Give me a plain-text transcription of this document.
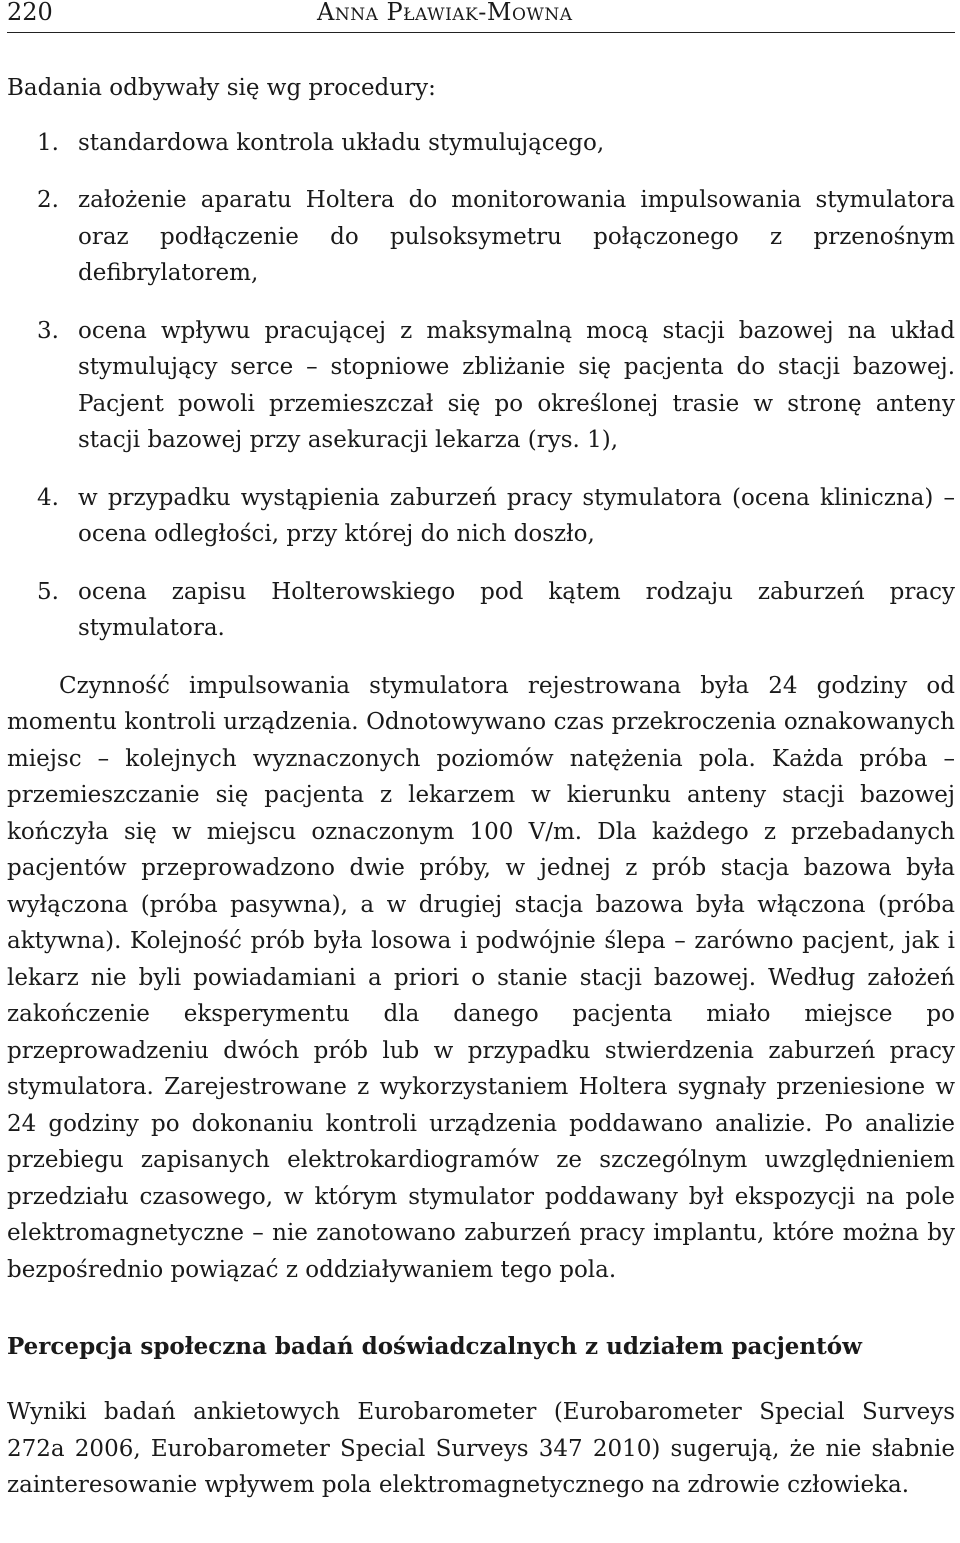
220	Anna Pławiak-Mowna

Badania odbywały się wg procedury:

1. standardowa kontrola układu stymulującego,
2. założenie aparatu Holtera do monitorowania impulsowania stymulatora oraz podłączenie do pulsoksymetru połączonego z przenośnym defibrylatorem,
3. ocena wpływu pracującej z maksymalną mocą stacji bazowej na układ stymulujący serce – stopniowe zbliżanie się pacjenta do stacji bazowej. Pacjent powoli przemieszczał się po określonej trasie w stronę anteny stacji bazowej przy asekuracji lekarza (rys. 1),
4. w przypadku wystąpienia zaburzeń pracy stymulatora (ocena kliniczna) – ocena odległości, przy której do nich doszło,
5. ocena zapisu Holterowskiego pod kątem rodzaju zaburzeń pracy stymulatora.

Czynność impulsowania stymulatora rejestrowana była 24 godziny od momentu kontroli urządzenia. Odnotowywano czas przekroczenia oznakowanych miejsc – kolejnych wyznaczonych poziomów natężenia pola. Każda próba – przemieszczanie się pacjenta z lekarzem w kierunku anteny stacji bazowej kończyła się w miejscu oznaczonym 100 V/m. Dla każdego z przebadanych pacjentów przeprowadzono dwie próby, w jednej z prób stacja bazowa była wyłączona (próba pasywna), a w drugiej stacja bazowa była włączona (próba aktywna). Kolejność prób była losowa i podwójnie ślepa – zarówno pacjent, jak i lekarz nie byli powiadamiani a priori o stanie stacji bazowej. Według założeń zakończenie eksperymentu dla danego pacjenta miało miejsce po przeprowadzeniu dwóch prób lub w przypadku stwierdzenia zaburzeń pracy stymulatora. Zarejestrowane z wykorzystaniem Holtera sygnały przeniesione w 24 godziny po dokonaniu kontroli urządzenia poddawano analizie. Po analizie przebiegu zapisanych elektrokardiogramów ze szczególnym uwzględnieniem przedziału czasowego, w którym stymulator poddawany był ekspozycji na pole elektromagnetyczne – nie zanotowano zaburzeń pracy implantu, które można by bezpośrednio powiązać z oddziaływaniem tego pola.

Percepcja społeczna badań doświadczalnych z udziałem pacjentów

Wyniki badań ankietowych Eurobarometer (Eurobarometer Special Surveys 272a 2006, Eurobarometer Special Surveys 347 2010) sugerują, że nie słabnie zainteresowanie wpływem pola elektromagnetycznego na zdrowie człowieka.
